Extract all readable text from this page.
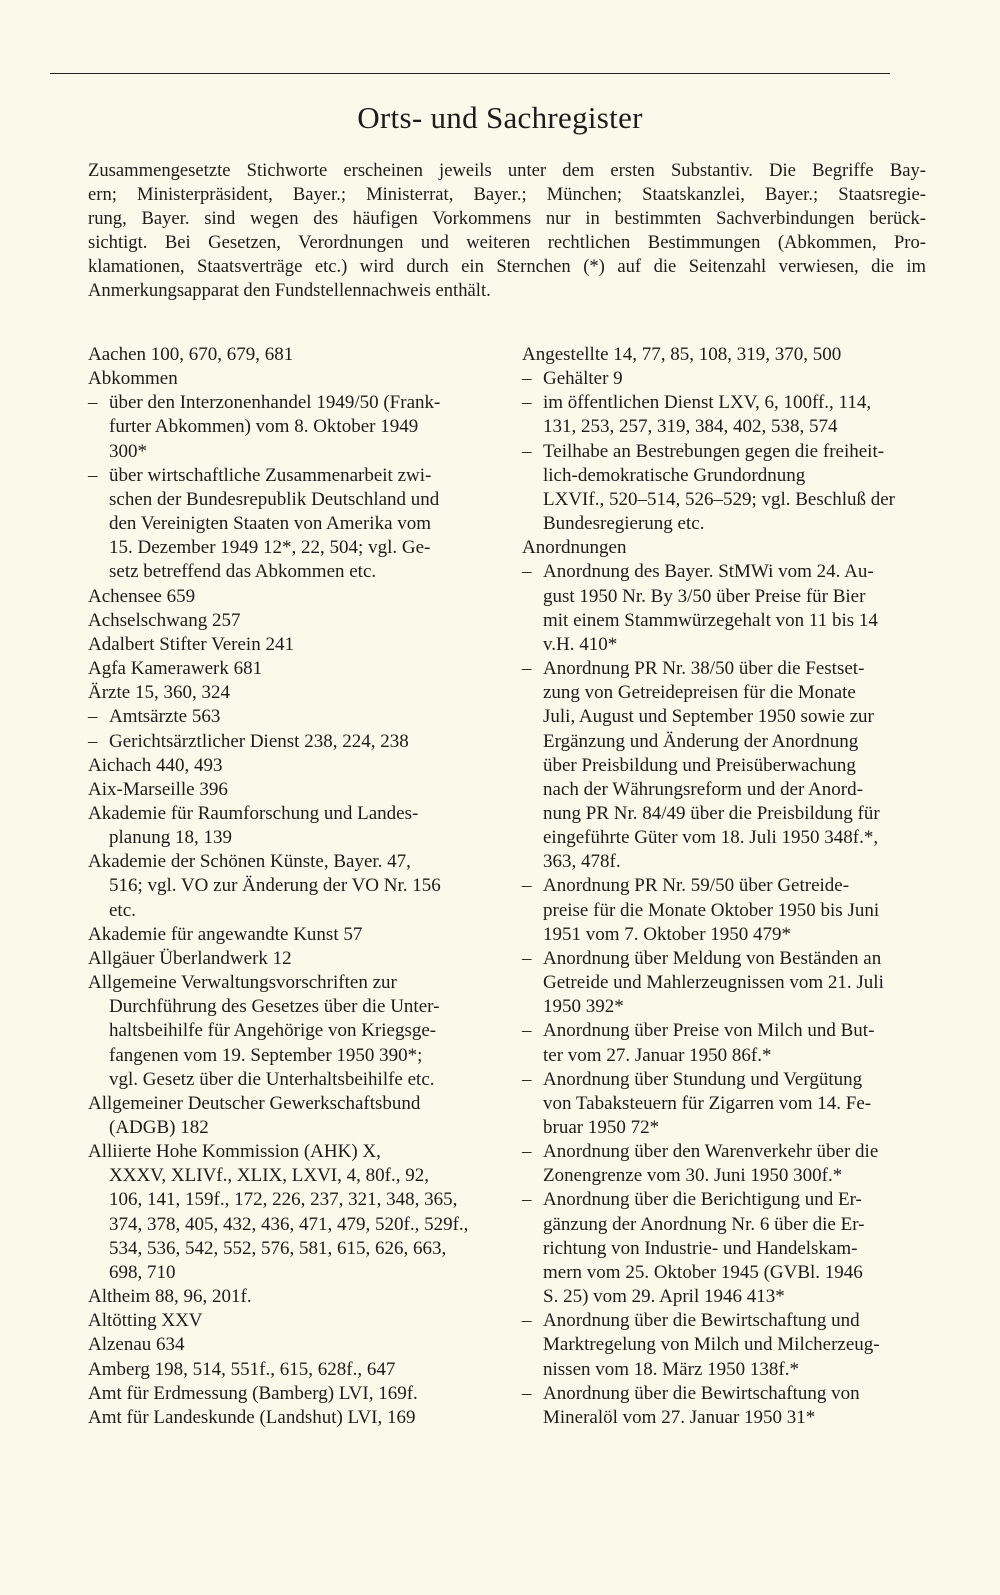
Orts- und Sachregister
Zusammengesetzte Stichworte erscheinen jeweils unter dem ersten Substantiv. Die Begriffe Bay-
ern; Ministerpräsident, Bayer.; Ministerrat, Bayer.; München; Staatskanzlei, Bayer.; Staatsregie-
rung, Bayer. sind wegen des häufigen Vorkommens nur in bestimmten Sachverbindungen berück-
sichtigt. Bei Gesetzen, Verordnungen und weiteren rechtlichen Bestimmungen (Abkommen, Pro-
klamationen, Staatsverträge etc.) wird durch ein Sternchen (*) auf die Seitenzahl verwiesen, die im
Anmerkungsapparat den Fundstellennachweis enthält.
Aachen 100, 670, 679, 681
Abkommen
– über den Interzonenhandel 1949/50 (Frank-
furter Abkommen) vom 8. Oktober 1949
300*
– über wirtschaftliche Zusammenarbeit zwi-
schen der Bundesrepublik Deutschland und
den Vereinigten Staaten von Amerika vom
15. Dezember 1949 12*, 22, 504; vgl. Ge-
setz betreffend das Abkommen etc.
Achensee 659
Achselschwang 257
Adalbert Stifter Verein 241
Agfa Kamerawerk 681
Ärzte 15, 360, 324
– Amtsärzte 563
– Gerichtsärztlicher Dienst 238, 224, 238
Aichach 440, 493
Aix-Marseille 396
Akademie für Raumforschung und Landes-
planung 18, 139
Akademie der Schönen Künste, Bayer. 47,
516; vgl. VO zur Änderung der VO Nr. 156
etc.
Akademie für angewandte Kunst 57
Allgäuer Überlandwerk 12
Allgemeine Verwaltungsvorschriften zur
Durchführung des Gesetzes über die Unter-
haltsbeihilfe für Angehörige von Kriegsge-
fangenen vom 19. September 1950 390*;
vgl. Gesetz über die Unterhaltsbeihilfe etc.
Allgemeiner Deutscher Gewerkschaftsbund
(ADGB) 182
Alliierte Hohe Kommission (AHK) X,
XXXV, XLIVf., XLIX, LXVI, 4, 80f., 92,
106, 141, 159f., 172, 226, 237, 321, 348, 365,
374, 378, 405, 432, 436, 471, 479, 520f., 529f.,
534, 536, 542, 552, 576, 581, 615, 626, 663,
698, 710
Altheim 88, 96, 201f.
Altötting XXV
Alzenau 634
Amberg 198, 514, 551f., 615, 628f., 647
Amt für Erdmessung (Bamberg) LVI, 169f.
Amt für Landeskunde (Landshut) LVI, 169
Angestellte 14, 77, 85, 108, 319, 370, 500
– Gehälter 9
– im öffentlichen Dienst LXV, 6, 100ff., 114,
131, 253, 257, 319, 384, 402, 538, 574
– Teilhabe an Bestrebungen gegen die freiheit-
lich-demokratische Grundordnung
LXVIf., 520–514, 526–529; vgl. Beschluß der
Bundesregierung etc.
Anordnungen
– Anordnung des Bayer. StMWi vom 24. Au-
gust 1950 Nr. By 3/50 über Preise für Bier
mit einem Stammwürzegehalt von 11 bis 14
v.H. 410*
– Anordnung PR Nr. 38/50 über die Festset-
zung von Getreidepreisen für die Monate
Juli, August und September 1950 sowie zur
Ergänzung und Änderung der Anordnung
über Preisbildung und Preisüberwachung
nach der Währungsreform und der Anord-
nung PR Nr. 84/49 über die Preisbildung für
eingeführte Güter vom 18. Juli 1950 348f.*,
363, 478f.
– Anordnung PR Nr. 59/50 über Getreide-
preise für die Monate Oktober 1950 bis Juni
1951 vom 7. Oktober 1950 479*
– Anordnung über Meldung von Beständen an
Getreide und Mahlerzeugnissen vom 21. Juli
1950 392*
– Anordnung über Preise von Milch und But-
ter vom 27. Januar 1950 86f.*
– Anordnung über Stundung und Vergütung
von Tabaksteuern für Zigarren vom 14. Fe-
bruar 1950 72*
– Anordnung über den Warenverkehr über die
Zonengrenze vom 30. Juni 1950 300f.*
– Anordnung über die Berichtigung und Er-
gänzung der Anordnung Nr. 6 über die Er-
richtung von Industrie- und Handelskam-
mern vom 25. Oktober 1945 (GVBl. 1946
S. 25) vom 29. April 1946 413*
– Anordnung über die Bewirtschaftung und
Marktregelung von Milch und Milcherzeug-
nissen vom 18. März 1950 138f.*
– Anordnung über die Bewirtschaftung von
Mineralöl vom 27. Januar 1950 31*
